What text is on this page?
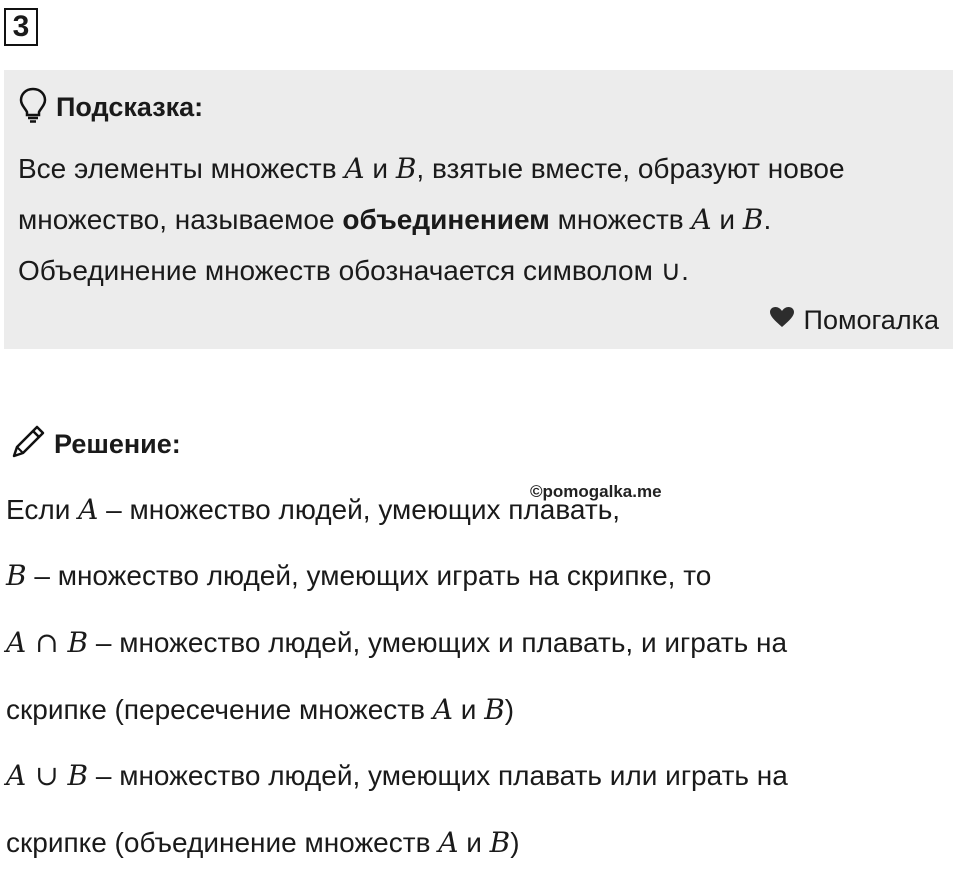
3
Подсказка:
Все элементы множеств A и B, взятые вместе, образуют новое множество, называемое объединением множеств A и B. Объединение множеств обозначается символом ∪.
Помогалка
Решение:
©pomogalka.me
Если A – множество людей, умеющих плавать,
B – множество людей, умеющих играть на скрипке, то
A ∩ B – множество людей, умеющих и плавать, и играть на
скрипке (пересечение множеств A и B)
A ∪ B – множество людей, умеющих плавать или играть на
скрипке (объединение множеств A и B)
